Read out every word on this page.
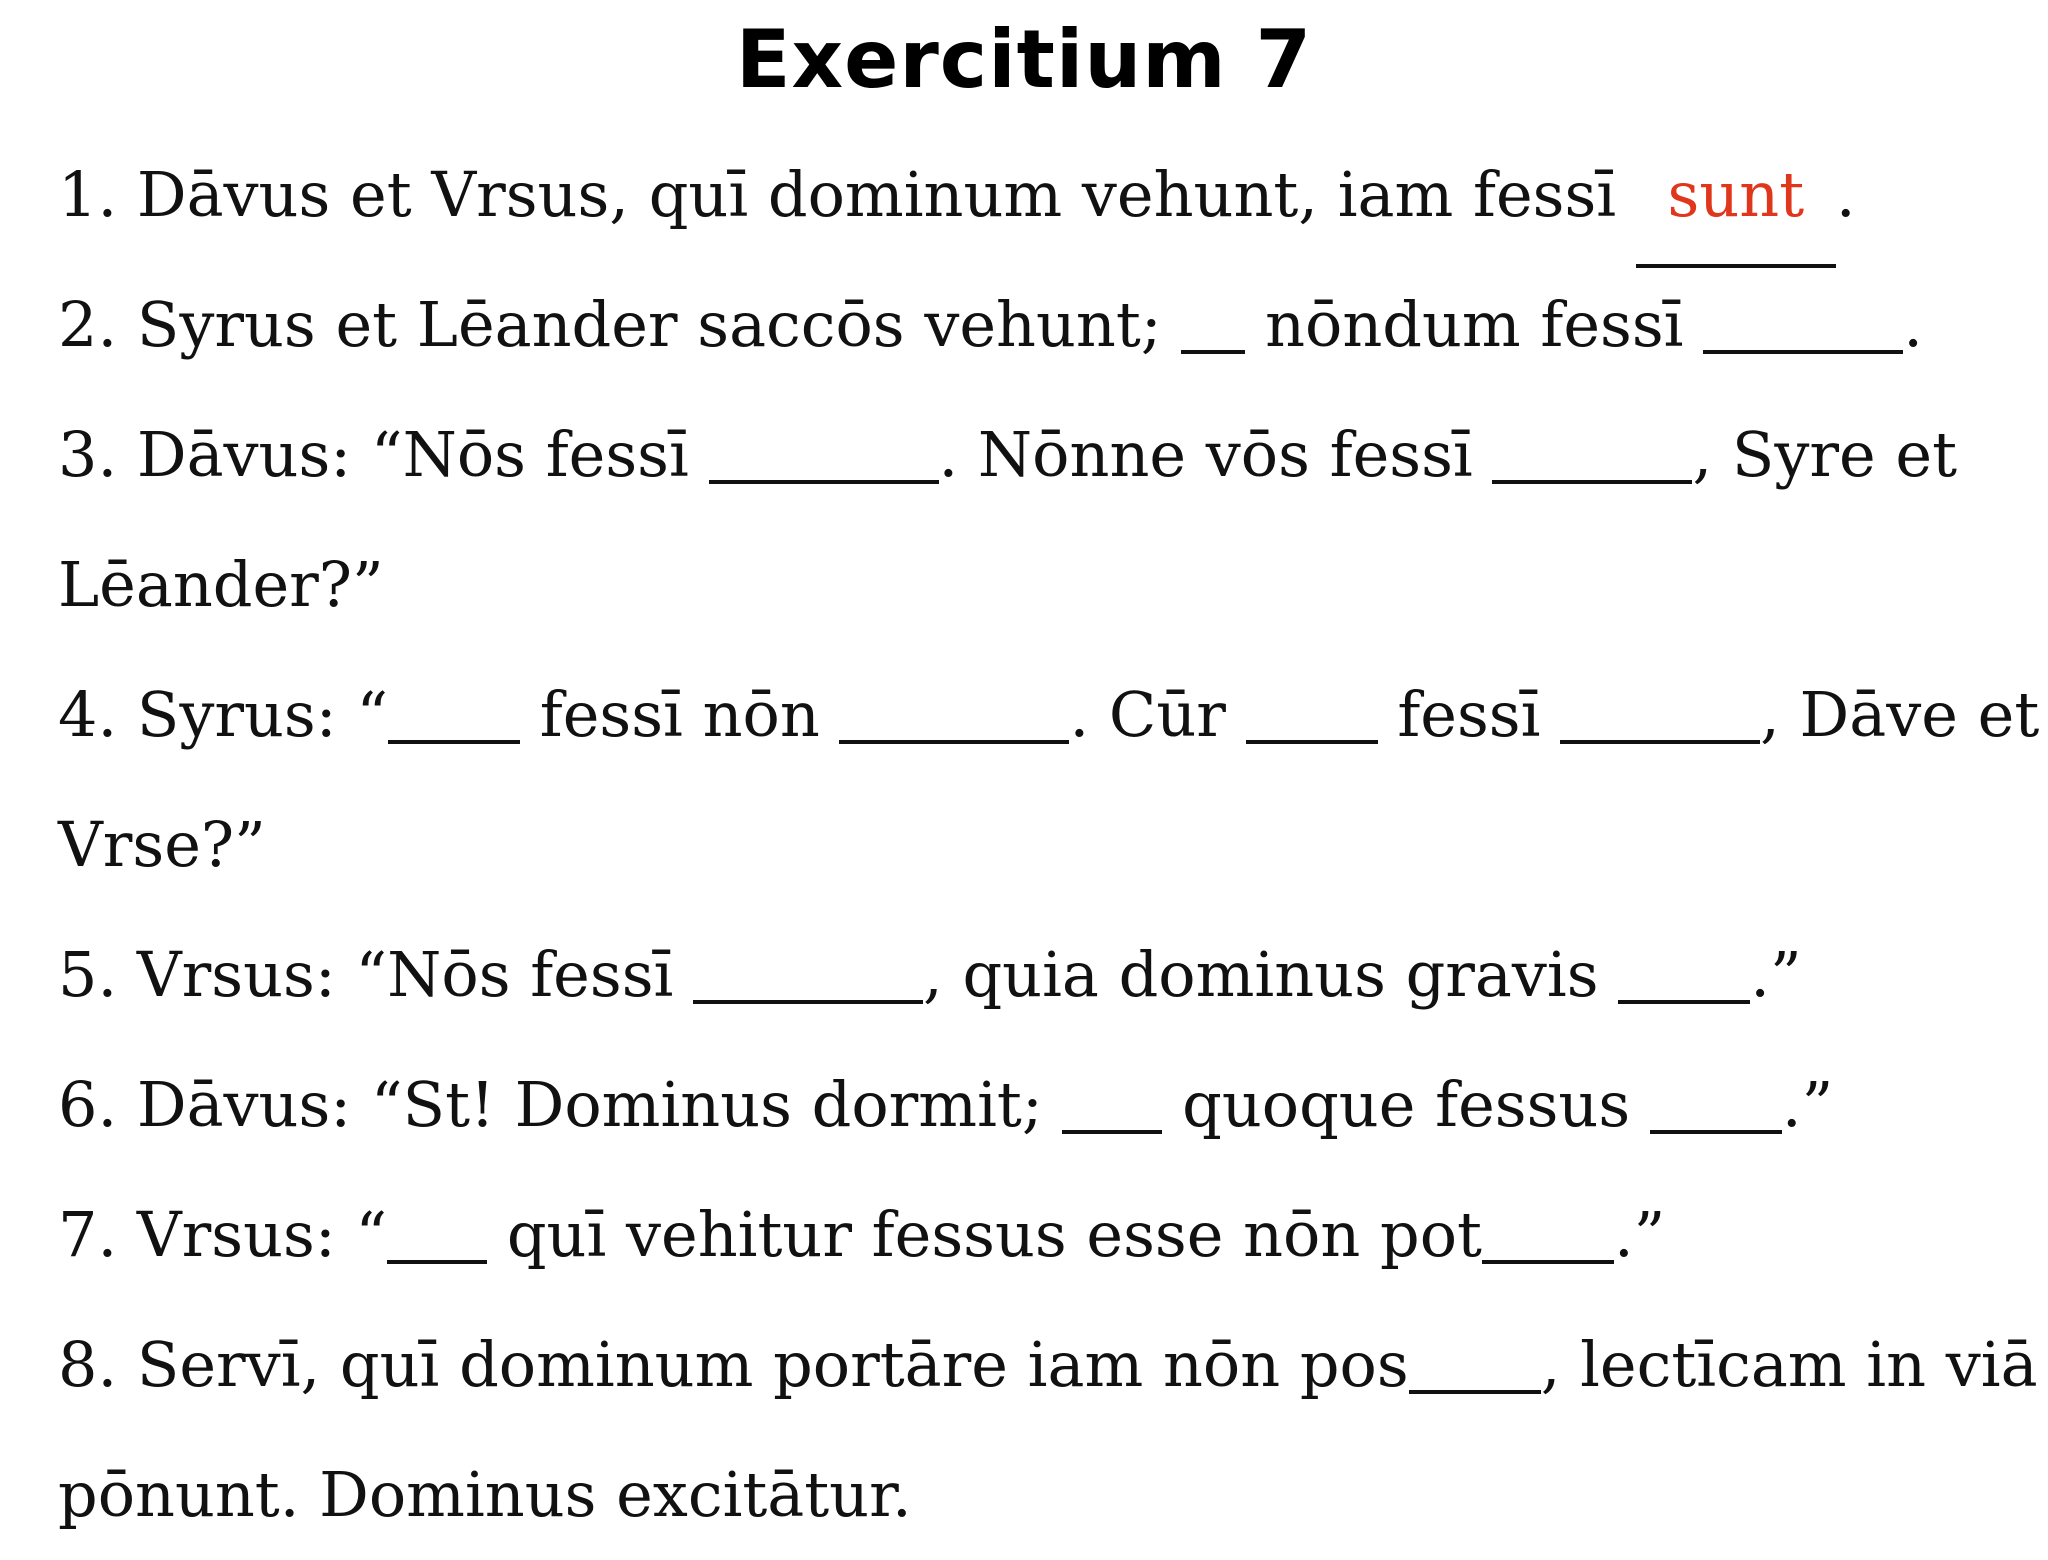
Exercitium 7
1. Dāvus et Vrsus, quī dominum vehunt, iam fessī sunt .
2. Syrus et Lēander saccōs vehunt;  nōndum fessī	.
3. Dāvus: “Nōs fessī	. Nōnne vōs fessī	, Syre et
Lēander?”
4. Syrus: “ fessī nōn	. Cūr  fessī	, Dāve et
Vrse?”
5. Vrsus: “Nōs fessī	, quia dominus gravis .”
6. Dāvus: “St! Dominus dormit;  quoque fessus .”
7. Vrsus: “ quī vehitur fessus esse nōn pot .”
8. Servī, quī dominum portāre iam nōn pos , lectīcam in viā
pōnunt. Dominus excitātur.
